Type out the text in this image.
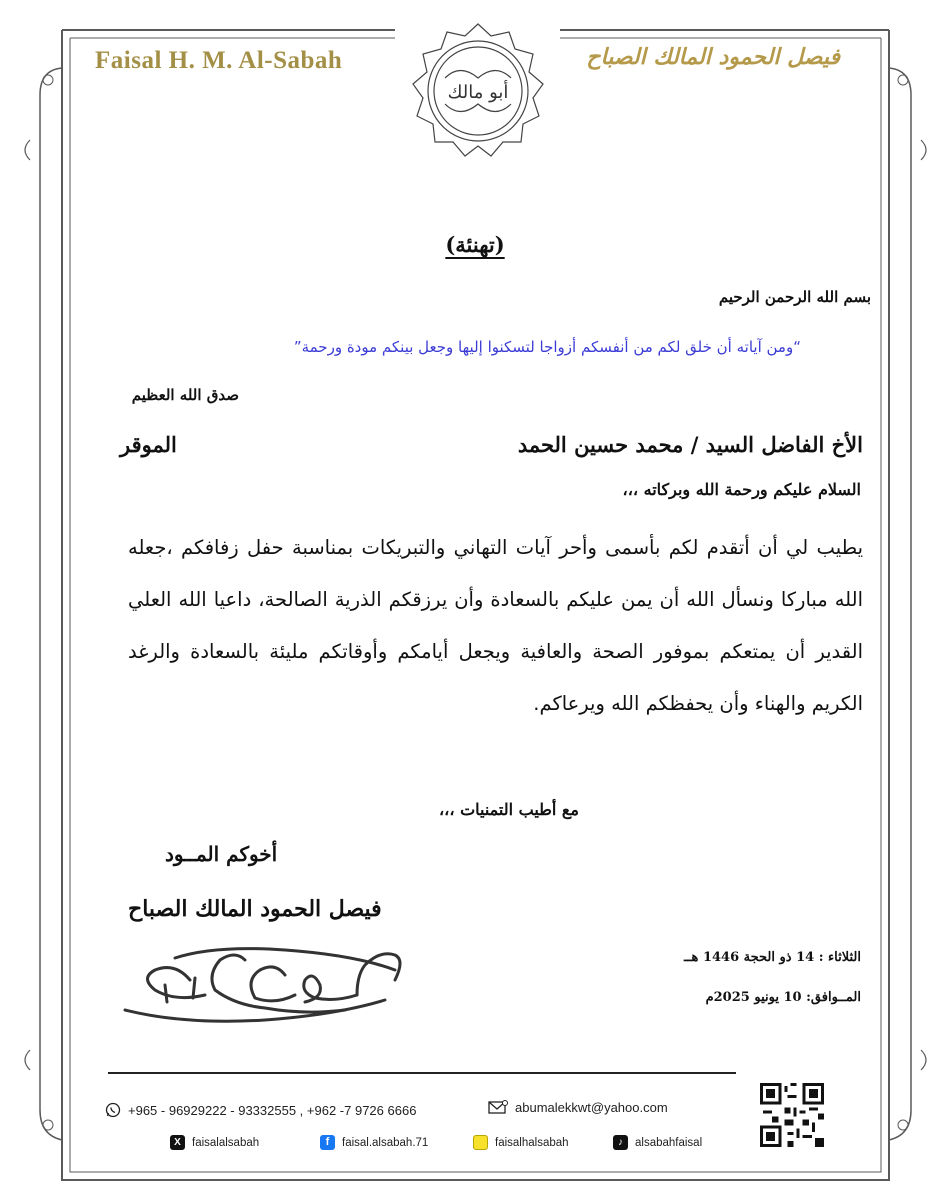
Faisal H. M. Al-Sabah
أبو مالك
فيصل الحمود المالك الصباح
(تهنئة)
بسم الله الرحمن الرحيم
“ومن آياته أن خلق لكم من أنفسكم أزواجا لتسكنوا إليها وجعل بينكم مودة ورحمة”
صدق الله العظيم
الأخ الفاضل السيد / محمد حسين الحمد
الموقر
السلام عليكم ورحمة الله وبركاته ،،،
يطيب لي أن أتقدم لكم بأسمى وأحر آيات التهاني والتبريكات بمناسبة حفل زفافكم ،جعله الله مباركا ونسأل الله أن يمن عليكم بالسعادة وأن يرزقكم الذرية الصالحة، داعيا الله العلي القدير أن يمتعكم بموفور الصحة والعافية ويجعل أيامكم وأوقاتكم مليئة بالسعادة والرغد الكريم والهناء وأن يحفظكم الله ويرعاكم.
مع أطيب التمنيات ،،،
أخوكم المــود
فيصل الحمود المالك الصباح
ابو مالك
الثلاثاء : 14 ذو الحجة 1446 هــ
المــوافق: 10 يونيو 2025م
+965 - 96929222 - 93332555 , +962 -7 9726 6666	abumalekkwt@yahoo.com
X faisalalsabah	f	faisal.alsabah.71	faisalhalsabah	♪	alsabahfaisal
